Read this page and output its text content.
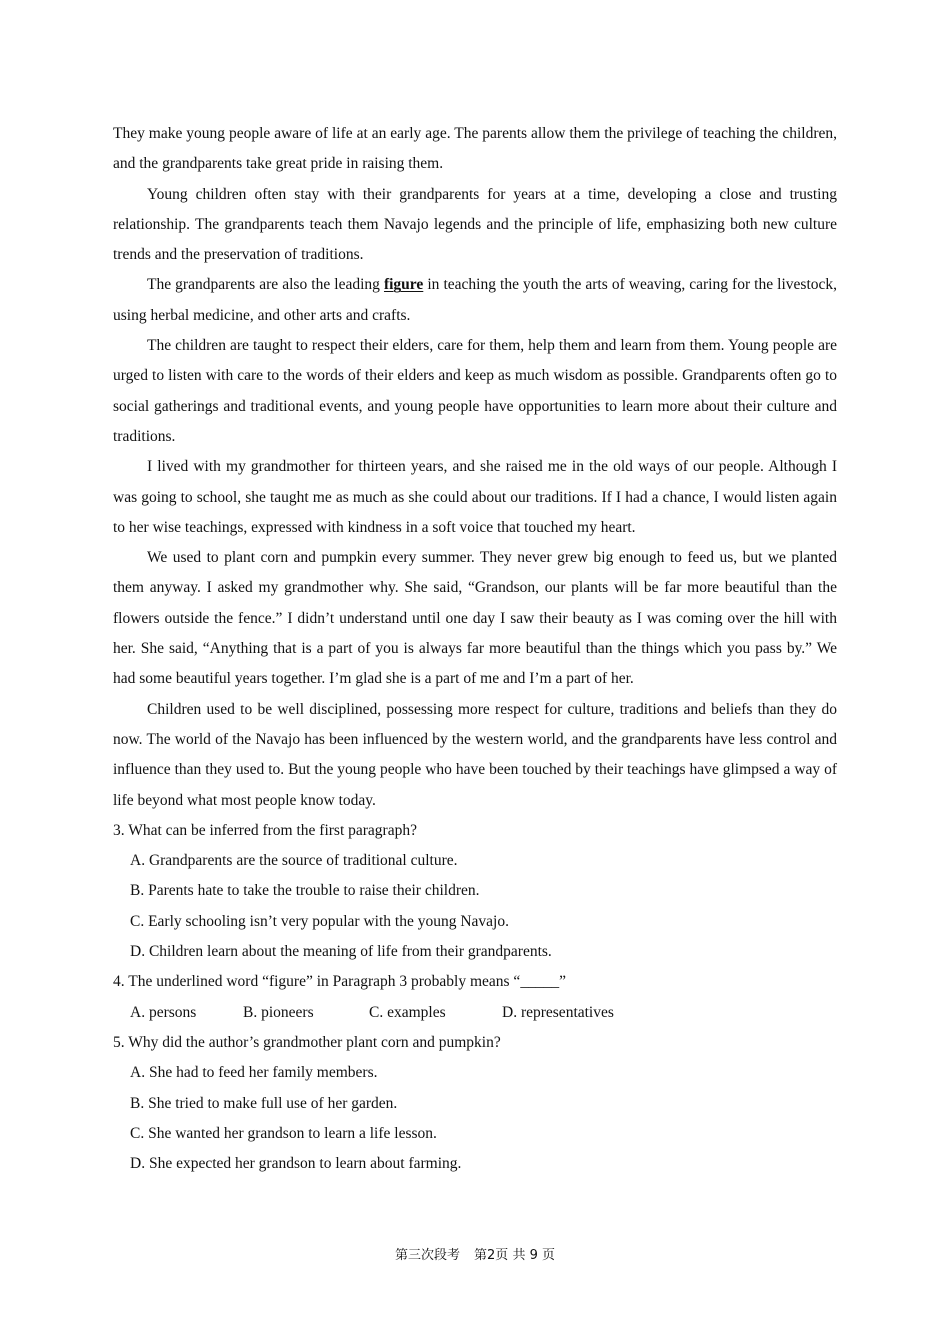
They make young people aware of life at an early age. The parents allow them the privilege of teaching the children, and the grandparents take great pride in raising them.

Young children often stay with their grandparents for years at a time, developing a close and trusting relationship. The grandparents teach them Navajo legends and the principle of life, emphasizing both new culture trends and the preservation of traditions.

The grandparents are also the leading figure in teaching the youth the arts of weaving, caring for the livestock, using herbal medicine, and other arts and crafts.

The children are taught to respect their elders, care for them, help them and learn from them. Young people are urged to listen with care to the words of their elders and keep as much wisdom as possible. Grandparents often go to social gatherings and traditional events, and young people have opportunities to learn more about their culture and traditions.

I lived with my grandmother for thirteen years, and she raised me in the old ways of our people. Although I was going to school, she taught me as much as she could about our traditions. If I had a chance, I would listen again to her wise teachings, expressed with kindness in a soft voice that touched my heart.

We used to plant corn and pumpkin every summer. They never grew big enough to feed us, but we planted them anyway. I asked my grandmother why. She said, “Grandson, our plants will be far more beautiful than the flowers outside the fence.” I didn’t understand until one day I saw their beauty as I was coming over the hill with her. She said, “Anything that is a part of you is always far more beautiful than the things which you pass by.” We had some beautiful years together. I’m glad she is a part of me and I’m a part of her.

Children used to be well disciplined, possessing more respect for culture, traditions and beliefs than they do now. The world of the Navajo has been influenced by the western world, and the grandparents have less control and influence than they used to. But the young people who have been touched by their teachings have glimpsed a way of life beyond what most people know today.

3. What can be inferred from the first paragraph?

A. Grandparents are the source of traditional culture.

B. Parents hate to take the trouble to raise their children.

C. Early schooling isn’t very popular with the young Navajo.

D. Children learn about the meaning of life from their grandparents.

4. The underlined word “figure” in Paragraph 3 probably means “_____”

A. persons	B. pioneers	C. examples	D. representatives

5. Why did the author’s grandmother plant corn and pumpkin?

A. She had to feed her family members.

B. She tried to make full use of her garden.

C. She wanted her grandson to learn a life lesson.

D. She expected her grandson to learn about farming.

第三次段考 第2页 共 9 页
